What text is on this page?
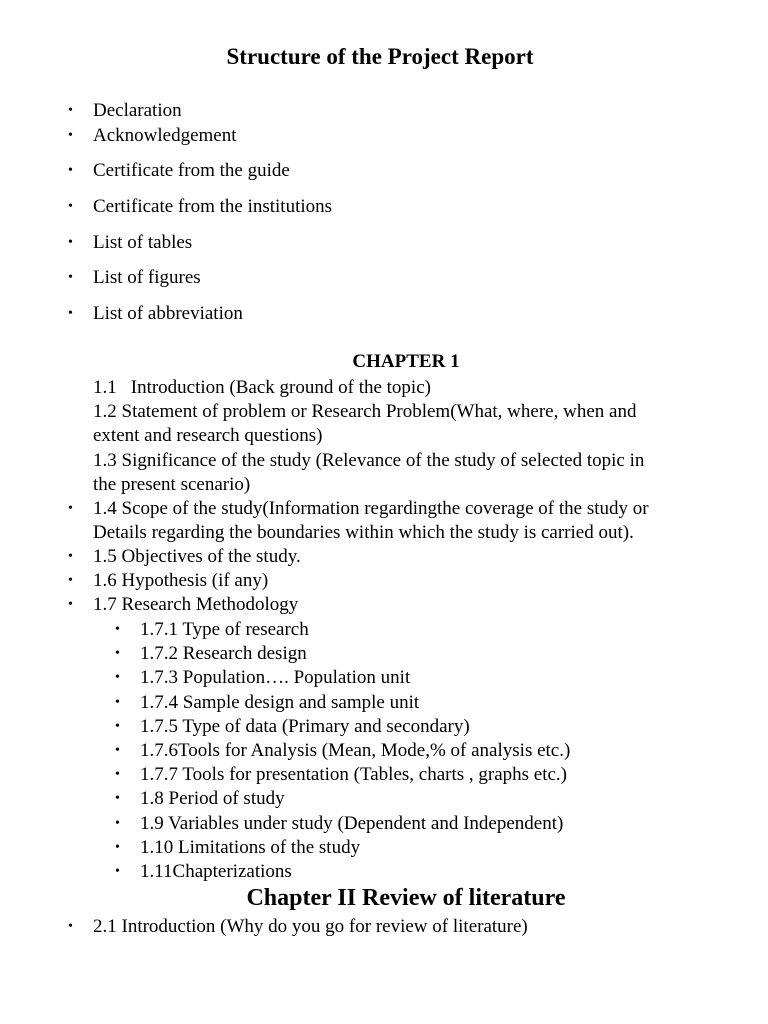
Structure of the Project Report
• Declaration
• Acknowledgement
• Certificate from the guide
• Certificate from the institutions
• List of tables
• List of figures
• List of abbreviation
CHAPTER 1
1.1 Introduction (Back ground of the topic)
1.2 Statement of problem or Research Problem(What, where, when and
extent and research questions)
1.3 Significance of the study (Relevance of the study of selected topic in
the present scenario)
• 1.4 Scope of the study(Information regardingthe coverage of the study or
Details regarding the boundaries within which the study is carried out).
• 1.5 Objectives of the study.
• 1.6 Hypothesis (if any)
• 1.7 Research Methodology
• 1.7.1 Type of research
• 1.7.2 Research design
• 1.7.3 Population…. Population unit
• 1.7.4 Sample design and sample unit
• 1.7.5 Type of data (Primary and secondary)
• 1.7.6Tools for Analysis (Mean, Mode,% of analysis etc.)
• 1.7.7 Tools for presentation (Tables, charts , graphs etc.)
• 1.8 Period of study
• 1.9 Variables under study (Dependent and Independent)
• 1.10 Limitations of the study
• 1.11Chapterizations
Chapter II Review of literature
• 2.1 Introduction (Why do you go for review of literature)
